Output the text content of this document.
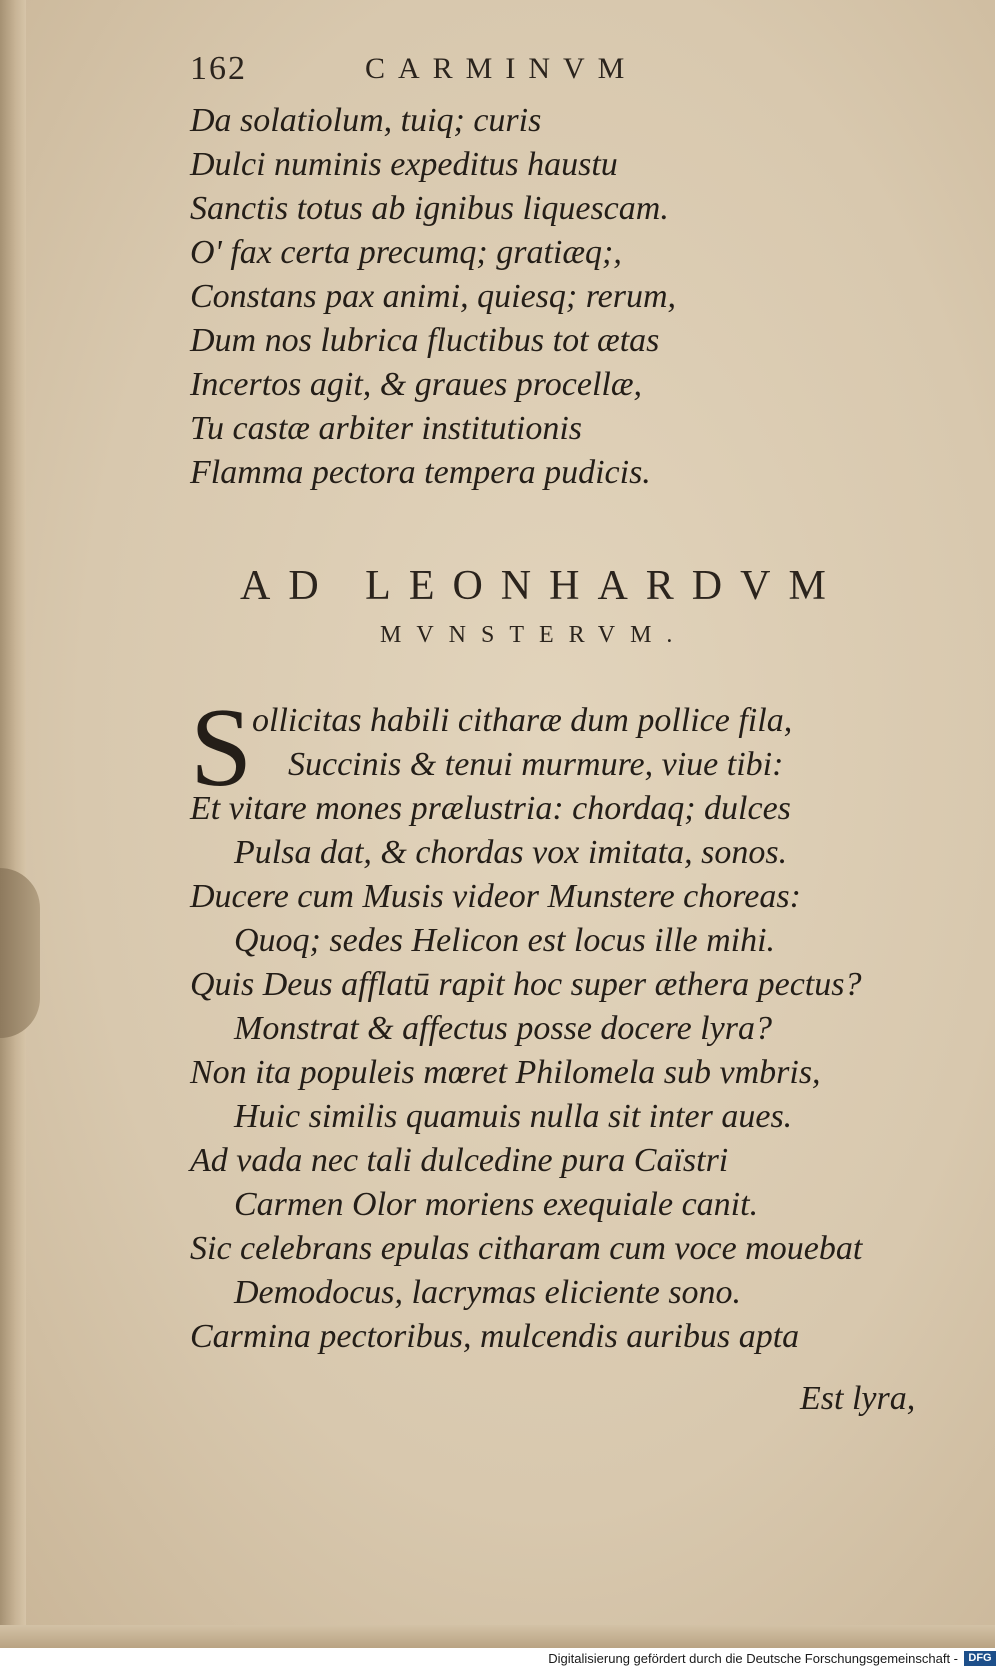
162	CARMINVM
Da solatiolum, tuiq; curis
Dulci numinis expeditus haustu
Sanctis totus ab ignibus liquescam.
O' fax certa precumq; gratiæq;,
Constans pax animi, quiesq; rerum,
Dum nos lubrica fluctibus tot ætas
Incertos agit, & graues procellæ,
Tu castæ arbiter institutionis
Flamma pectora tempera pudicis.
AD LEONHARDVM
MVNSTERVM.
S ollicitas habili citharæ dum pollice fila,
Succinis & tenui murmure, viue tibi:
Et vitare mones prælustria: chordaq; dulces
Pulsa dat, & chordas vox imitata, sonos.
Ducere cum Musis videor Munstere choreas:
Quoq; sedes Helicon est locus ille mihi.
Quis Deus afflatū rapit hoc super æthera pectus?
Monstrat & affectus posse docere lyra?
Non ita populeis mœret Philomela sub vmbris,
Huic similis quamuis nulla sit inter aues.
Ad vada nec tali dulcedine pura Caïstri
Carmen Olor moriens exequiale canit.
Sic celebrans epulas citharam cum voce mouebat
Demodocus, lacrymas eliciente sono.
Carmina pectoribus, mulcendis auribus apta
Est lyra,
Digitalisierung gefördert durch die Deutsche Forschungsgemeinschaft - DFG
